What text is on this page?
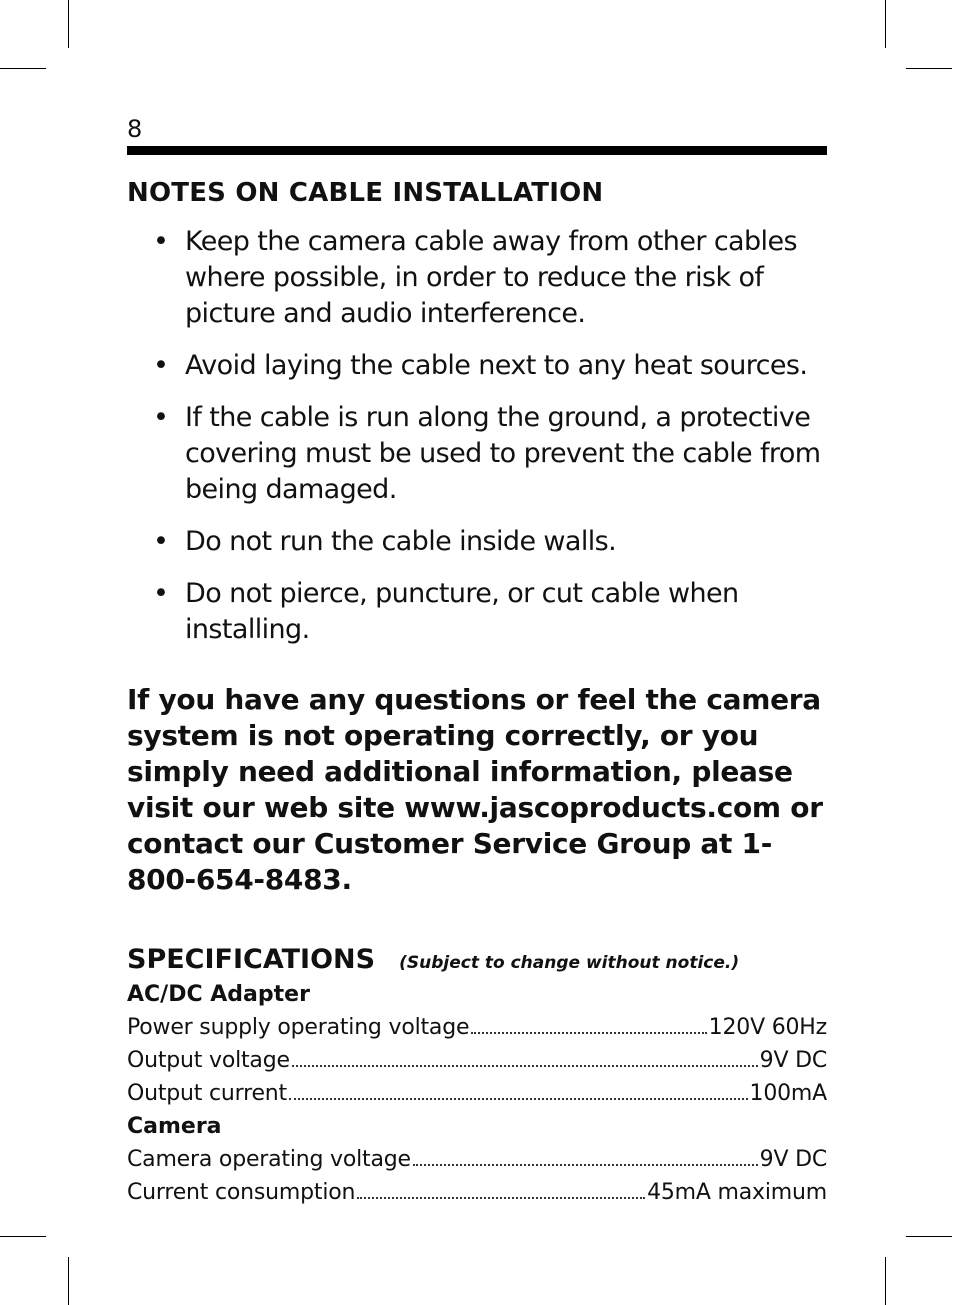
8
NOTES ON CABLE INSTALLATION
• Keep the camera cable away from other cables where possible, in order to reduce the risk of picture and audio interference.
• Avoid laying the cable next to any heat sources.
• If the cable is run along the ground, a protective covering must be used to prevent the cable from being damaged.
• Do not run the cable inside walls.
• Do not pierce, puncture, or cut cable when installing.

If you have any questions or feel the camera system is not operating correctly, or you simply need additional information, please visit our web site www.jascoproducts.com or contact our Customer Service Group at 1-800-654-8483.

SPECIFICATIONS (Subject to change without notice.)
AC/DC Adapter
Power supply operating voltage	120V 60Hz
Output voltage	9V DC
Output current	100mA
Camera
Camera operating voltage	9V DC
Current consumption	45mA maximum
